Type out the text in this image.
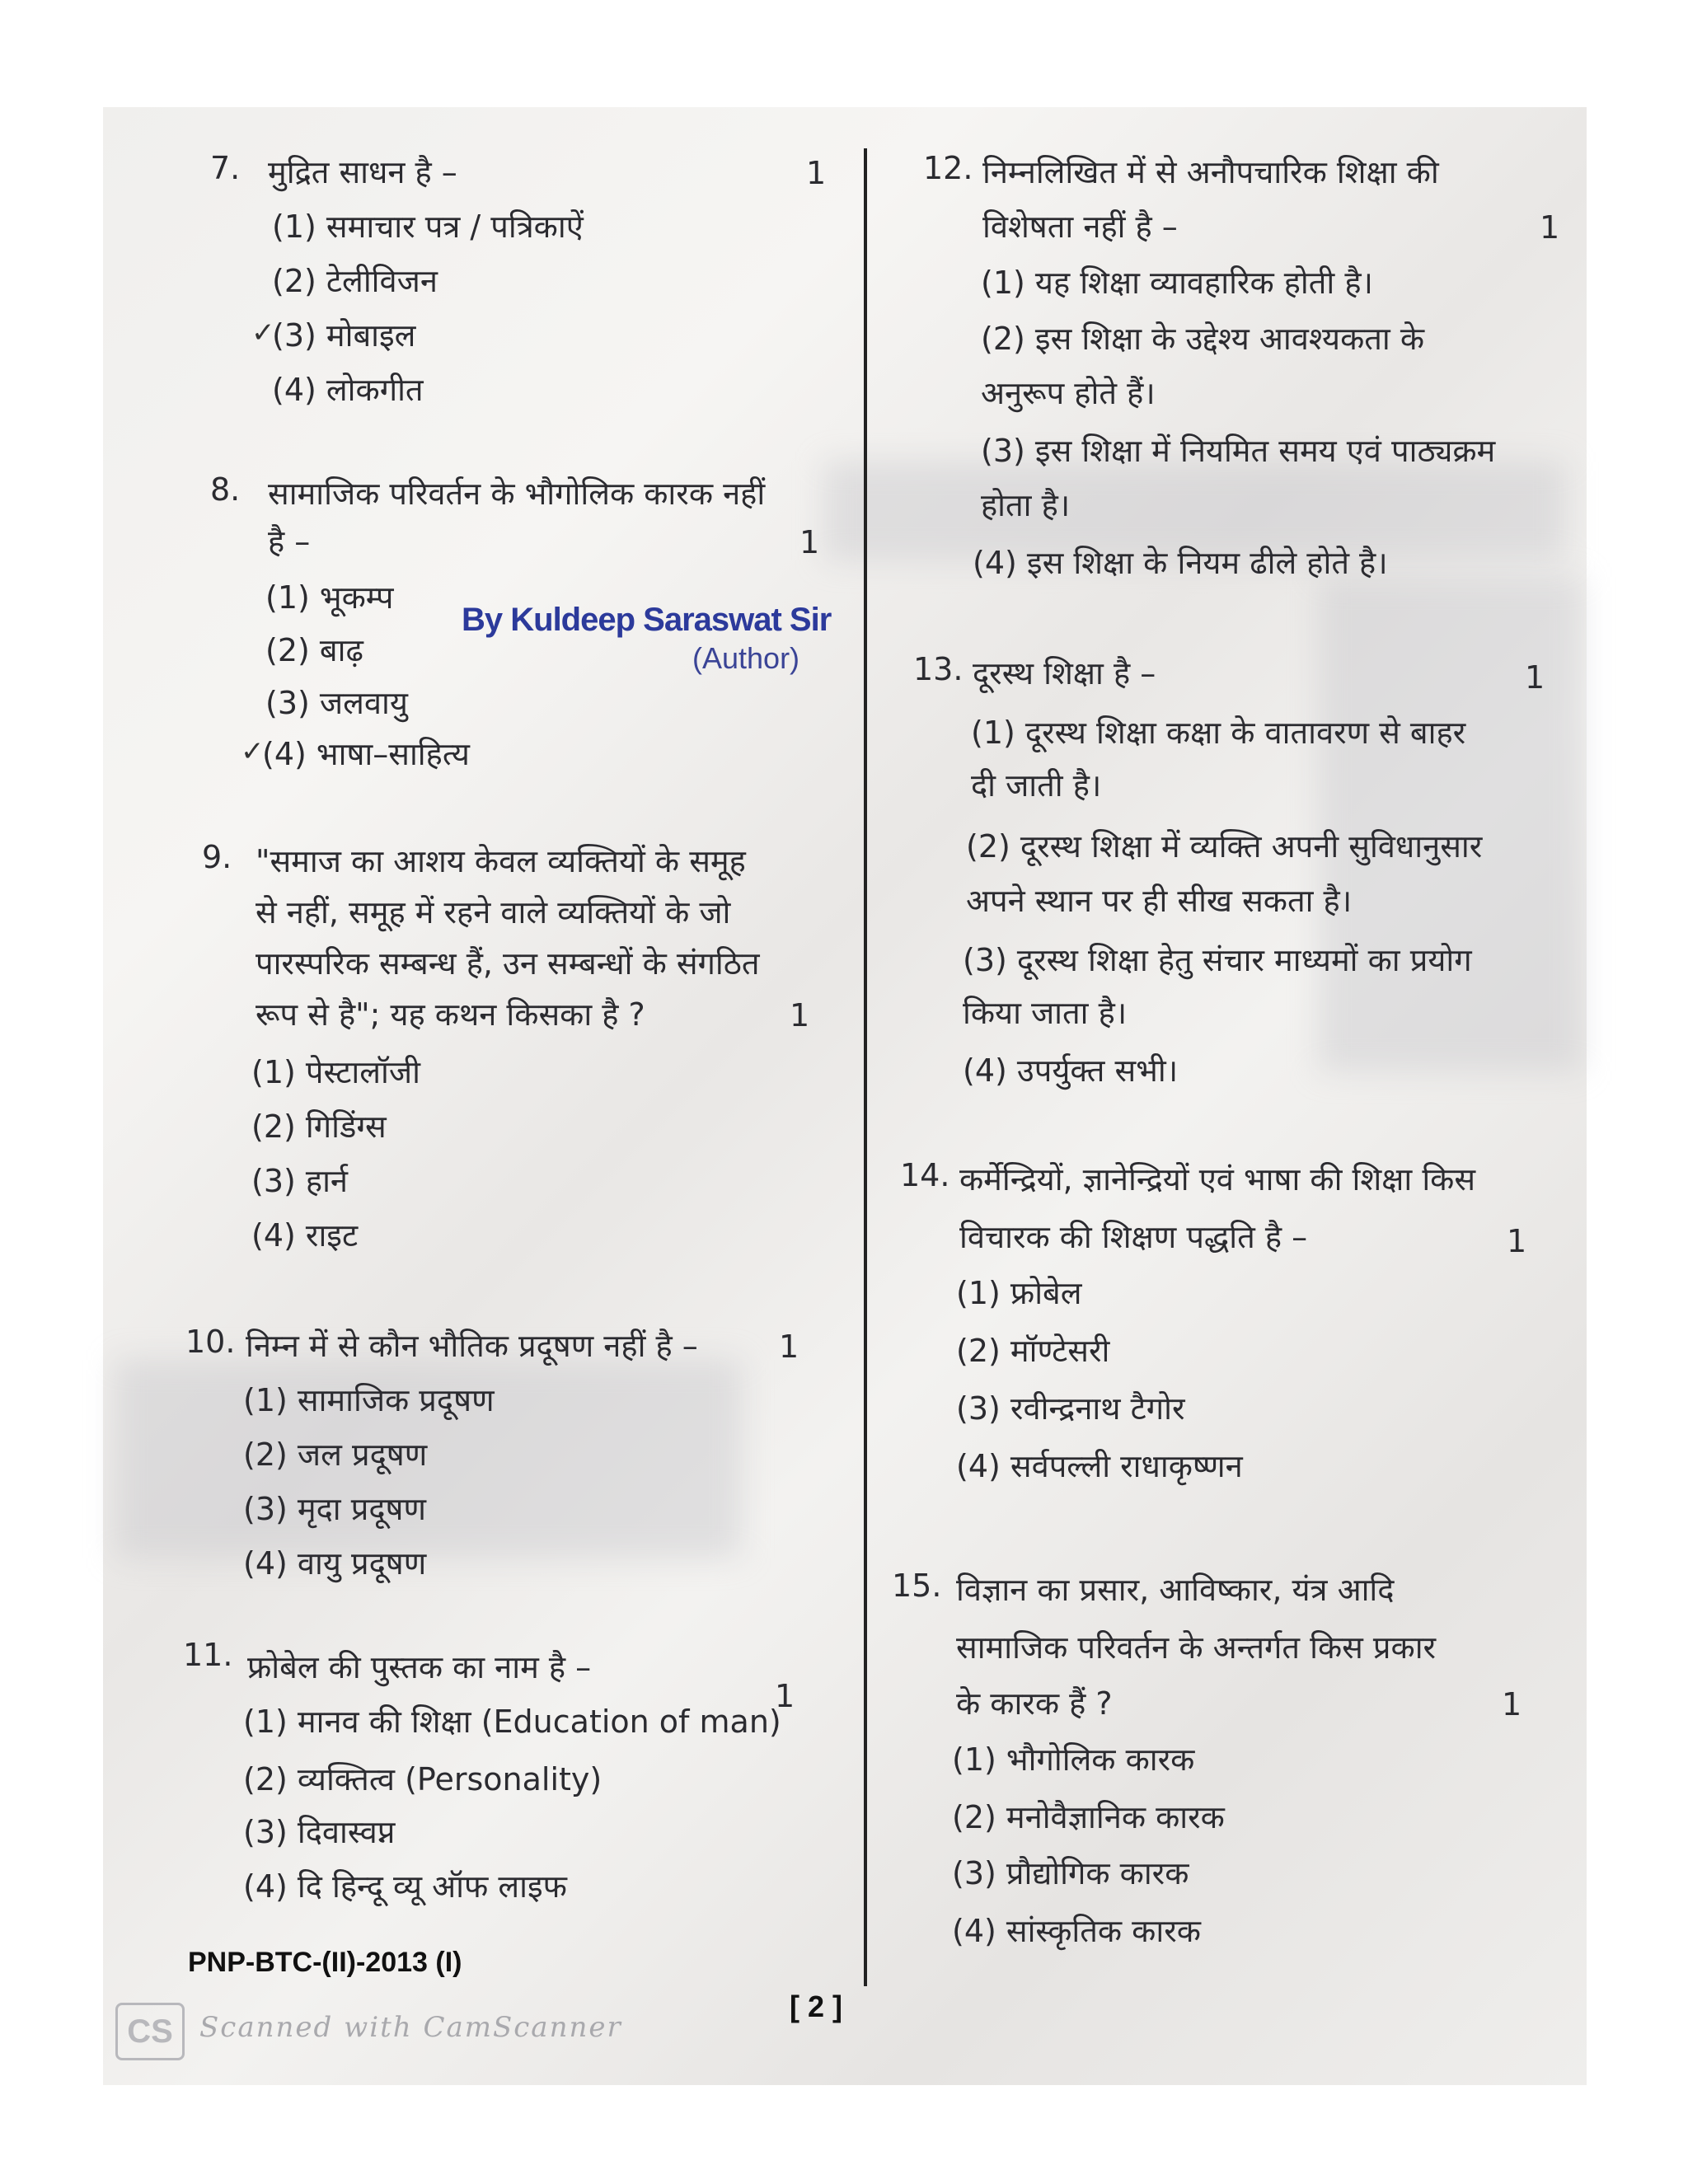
7. मुद्रित साधन है –	1
(1) समाचार पत्र / पत्रिकाऐं
(2) टेलीविजन
✓
(3) मोबाइल
(4) लोकगीत
8. सामाजिक परिवर्तन के भौगोलिक कारक नहीं
है –	1
(1) भूकम्प
(2) बाढ़
(3) जलवायु
✓
(4) भाषा–साहित्य
By Kuldeep Saraswat Sir
(Author)
9. "समाज का आशय केवल व्यक्तियों के समूह
से नहीं, समूह में रहने वाले व्यक्तियों के जो
पारस्परिक सम्बन्ध हैं, उन सम्बन्धों के संगठित
रूप से है"; यह कथन किसका है ?	1
(1) पेस्टालॉजी
(2) गिडिंग्स
(3) हार्न
(4) राइट
10. निम्न में से कौन भौतिक प्रदूषण नहीं है –	1
(1) सामाजिक प्रदूषण
(2) जल प्रदूषण
(3) मृदा प्रदूषण
(4) वायु प्रदूषण
11. फ्रोबेल की पुस्तक का नाम है –
1
(1) मानव की शिक्षा (Education of man)
(2) व्यक्तित्व (Personality)
(3) दिवास्वप्न
(4) दि हिन्दू व्यू ऑफ लाइफ
12. निम्नलिखित में से अनौपचारिक शिक्षा की
विशेषता नहीं है –	1
(1) यह शिक्षा व्यावहारिक होती है।
(2) इस शिक्षा के उद्देश्य आवश्यकता के
अनुरूप होते हैं।
(3) इस शिक्षा में नियमित समय एवं पाठ्यक्रम
होता है।
(4) इस शिक्षा के नियम ढीले होते है।
13. दूरस्थ शिक्षा है –	1
(1) दूरस्थ शिक्षा कक्षा के वातावरण से बाहर
दी जाती है।
(2) दूरस्थ शिक्षा में व्यक्ति अपनी सुविधानुसार
अपने स्थान पर ही सीख सकता है।
(3) दूरस्थ शिक्षा हेतु संचार माध्यमों का प्रयोग
किया जाता है।
(4) उपर्युक्त सभी।
14. कर्मेन्द्रियों, ज्ञानेन्द्रियों एवं भाषा की शिक्षा किस
विचारक की शिक्षण पद्धति है –	1
(1) फ्रोबेल
(2) मॉण्टेसरी
(3) रवीन्द्रनाथ टैगोर
(4) सर्वपल्ली राधाकृष्णन
15. विज्ञान का प्रसार, आविष्कार, यंत्र आदि
सामाजिक परिवर्तन के अन्तर्गत किस प्रकार
के कारक हैं ?	1
(1) भौगोलिक कारक
(2) मनोवैज्ञानिक कारक
(3) प्रौद्योगिक कारक
(4) सांस्कृतिक कारक
PNP-BTC-(II)-2013 (I)
[ 2 ]
CS Scanned with CamScanner
